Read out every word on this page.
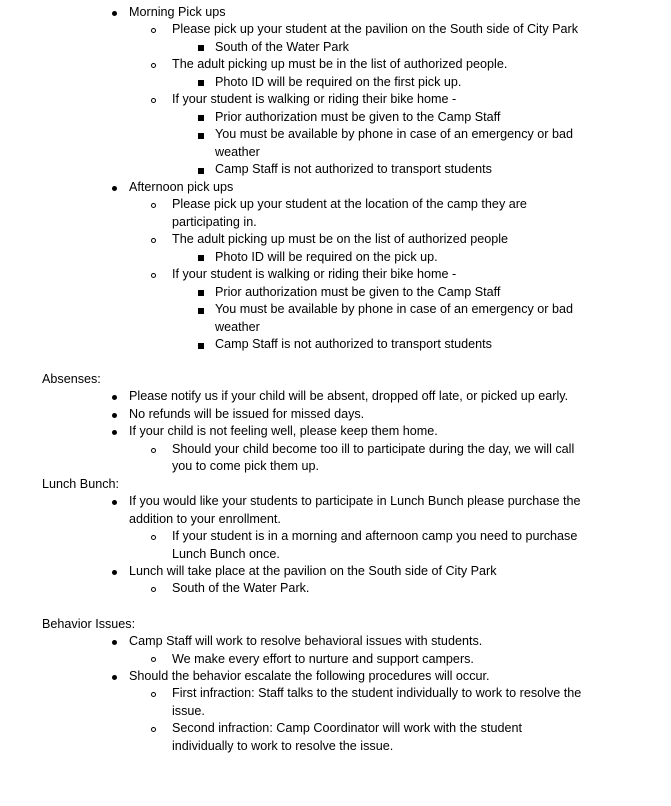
Morning Pick ups
Please pick up your student at the pavilion on the South side of City Park
South of the Water Park
The adult picking up must be in the list of authorized people.
Photo ID will be required on the first pick up.
If your student is walking or riding their bike home -
Prior authorization must be given to the Camp Staff
You must be available by phone in case of an emergency or bad
weather
Camp Staff is not authorized to transport students
Afternoon pick ups
Please pick up your student at the location of the camp they are
participating in.
The adult picking up must be on the list of authorized people
Photo ID will be required on the pick up.
If your student is walking or riding their bike home -
Prior authorization must be given to the Camp Staff
You must be available by phone in case of an emergency or bad
weather
Camp Staff is not authorized to transport students
Absenses:
Please notify us if your child will be absent, dropped off late, or picked up early.
No refunds will be issued for missed days.
If your child is not feeling well, please keep them home.
Should your child become too ill to participate during the day, we will call
you to come pick them up.
Lunch Bunch:
If you would like your students to participate in Lunch Bunch please purchase the
addition to your enrollment.
If your student is in a morning and afternoon camp you need to purchase
Lunch Bunch once.
Lunch will take place at the pavilion on the South side of City Park
South of the Water Park.
Behavior Issues:
Camp Staff will work to resolve behavioral issues with students.
We make every effort to nurture and support campers.
Should the behavior escalate the following procedures will occur.
First infraction: Staff talks to the student individually to work to resolve the
issue.
Second infraction: Camp Coordinator will work with the student
individually to work to resolve the issue.
